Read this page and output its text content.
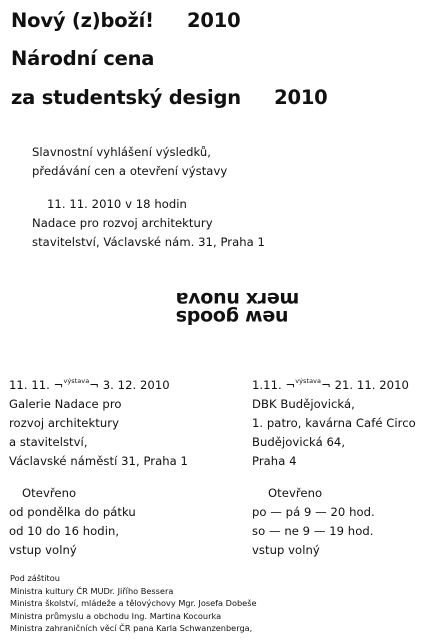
Nový (z)boží! 2010
Národní cena
za studentský design 2010
Slavnostní vyhlášení výsledků,
předávání cen a otevření výstavy
11. 11. 2010 v 18 hodin
Nadace pro rozvoj architektury
stavitelství, Václavské nám. 31, Praha 1
merx nuova
new goods
11. 11. ¬$^{výstava}$¬ 3. 12. 2010
Galerie Nadace pro
rozvoj architektury
a stavitelství,
Václavské náměstí 31, Praha 1
Otevřeno
od pondělka do pátku
od 10 do 16 hodin,
vstup volný
1.11. ¬$^{výstava}$¬ 21. 11. 2010
DBK Budějovická,
1. patro, kavárna Café Circo
Budějovická 64,
Praha 4
Otevřeno
po — pá 9 — 20 hod.
so — ne 9 — 19 hod.
vstup volný
Pod záštitou
Ministra kultury ČR MUDr. Jiřího Bessera
Ministra školství, mládeže a tělovýchovy Mgr. Josefa Dobeše
Ministra průmyslu a obchodu Ing. Martina Kocourka
Ministra zahraničních věcí ČR pana Karla Schwanzenberga,
